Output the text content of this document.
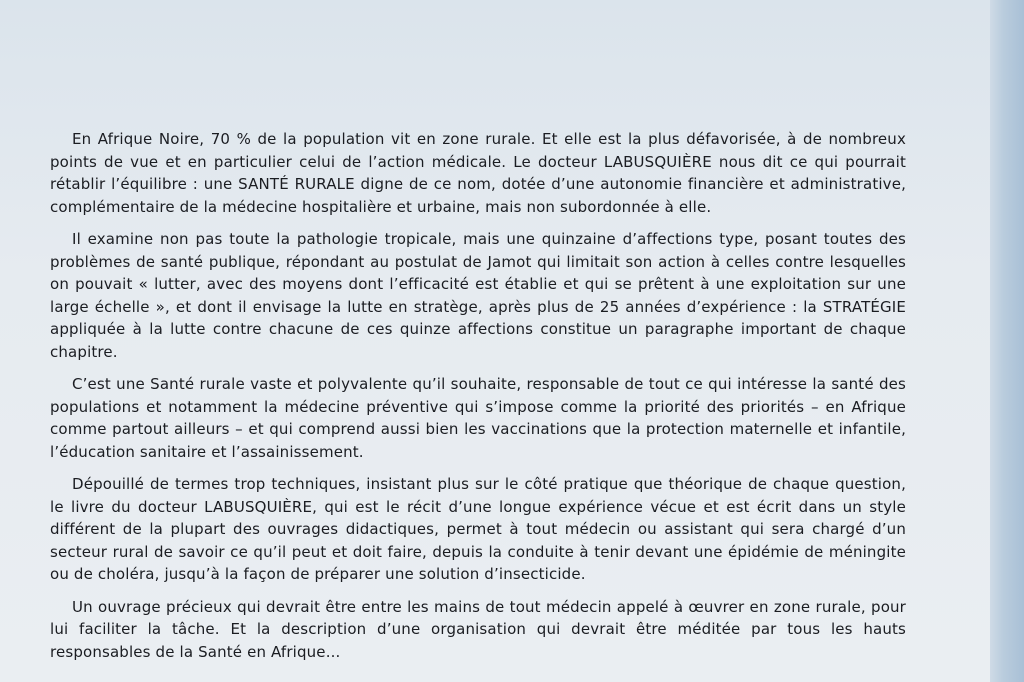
En Afrique Noire, 70 % de la population vit en zone rurale. Et elle est la plus défavorisée, à de nombreux points de vue et en particulier celui de l’action médicale. Le docteur LABUSQUIÈRE nous dit ce qui pourrait rétablir l’équilibre : une SANTÉ RURALE digne de ce nom, dotée d’une autonomie financière et administrative, complémentaire de la médecine hospitalière et urbaine, mais non subordonnée à elle.

Il examine non pas toute la pathologie tropicale, mais une quinzaine d’affections type, posant toutes des problèmes de santé publique, répondant au postulat de Jamot qui limitait son action à celles contre lesquelles on pouvait « lutter, avec des moyens dont l’efficacité est établie et qui se prêtent à une exploitation sur une large échelle », et dont il envisage la lutte en stratège, après plus de 25 années d’expérience : la STRATÉGIE appliquée à la lutte contre chacune de ces quinze affections constitue un paragraphe important de chaque chapitre.

C’est une Santé rurale vaste et polyvalente qu’il souhaite, responsable de tout ce qui intéresse la santé des populations et notamment la médecine préventive qui s’impose comme la priorité des priorités – en Afrique comme partout ailleurs – et qui comprend aussi bien les vaccinations que la protection maternelle et infantile, l’éducation sanitaire et l’assainissement.

Dépouillé de termes trop techniques, insistant plus sur le côté pratique que théorique de chaque question, le livre du docteur LABUSQUIÈRE, qui est le récit d’une longue expérience vécue et est écrit dans un style différent de la plupart des ouvrages didactiques, permet à tout médecin ou assistant qui sera chargé d’un secteur rural de savoir ce qu’il peut et doit faire, depuis la conduite à tenir devant une épidémie de méningite ou de choléra, jusqu’à la façon de préparer une solution d’insecticide.

Un ouvrage précieux qui devrait être entre les mains de tout médecin appelé à œuvrer en zone rurale, pour lui faciliter la tâche. Et la description d’une organisation qui devrait être méditée par tous les hauts responsables de la Santé en Afrique...
